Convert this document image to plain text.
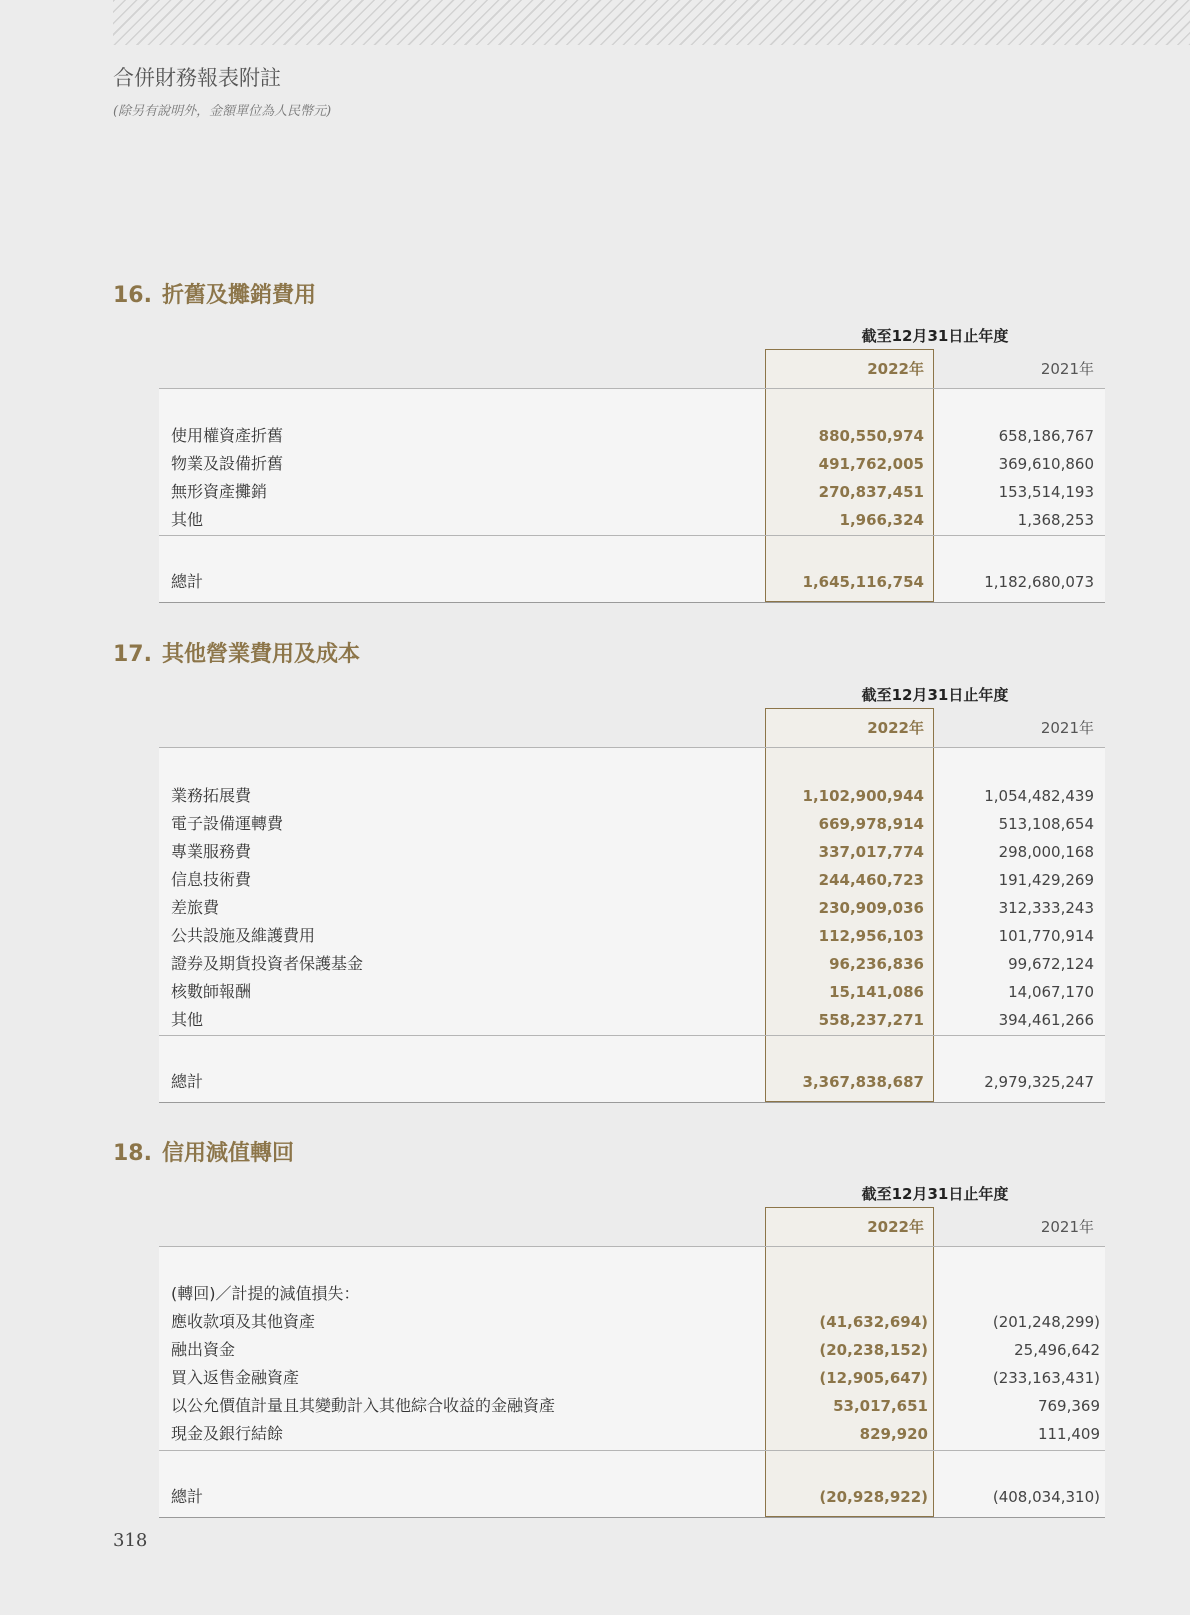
合併財務報表附註
(除另有說明外，金額單位為人民幣元)
16. 折舊及攤銷費用
截至12月31日止年度
2022年	2021年
使用權資產折舊	880,550,974	658,186,767
物業及設備折舊	491,762,005	369,610,860
無形資產攤銷	270,837,451	153,514,193
其他	1,966,324	1,368,253
總計	1,645,116,754	1,182,680,073
17. 其他營業費用及成本
截至12月31日止年度
2022年	2021年
業務拓展費	1,102,900,944	1,054,482,439
電子設備運轉費	669,978,914	513,108,654
專業服務費	337,017,774	298,000,168
信息技術費	244,460,723	191,429,269
差旅費	230,909,036	312,333,243
公共設施及維護費用	112,956,103	101,770,914
證券及期貨投資者保護基金	96,236,836	99,672,124
核數師報酬	15,141,086	14,067,170
其他	558,237,271	394,461,266
總計	3,367,838,687	2,979,325,247
18. 信用減值轉回
截至12月31日止年度
2022年	2021年
(轉回)／計提的減值損失：
應收款項及其他資產	(41,632,694)	(201,248,299)
融出資金	(20,238,152)	25,496,642
買入返售金融資產	(12,905,647)	(233,163,431)
以公允價值計量且其變動計入其他綜合收益的金融資產	53,017,651	769,369
現金及銀行結餘	829,920	111,409
總計	(20,928,922)	(408,034,310)
318
